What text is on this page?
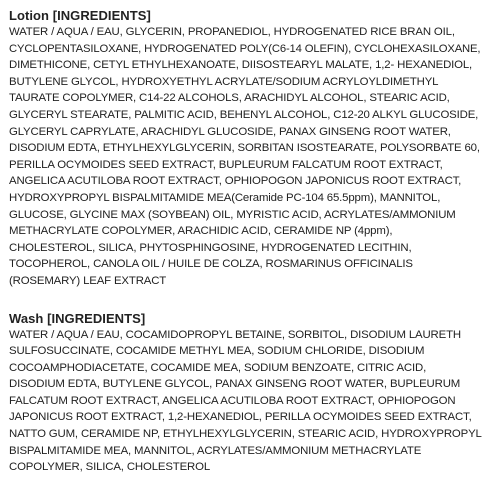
Lotion [INGREDIENTS]

WATER / AQUA / EAU, GLYCERIN, PROPANEDIOL, HYDROGENATED RICE BRAN OIL,

CYCLOPENTASILOXANE, HYDROGENATED POLY(C6-14 OLEFIN), CYCLOHEXASILOXANE,

DIMETHICONE, CETYL ETHYLHEXANOATE, DIISOSTEARYL MALATE, 1,2- HEXANEDIOL,

BUTYLENE GLYCOL, HYDROXYETHYL ACRYLATE/SODIUM ACRYLOYLDIMETHYL

TAURATE COPOLYMER, C14-22 ALCOHOLS, ARACHIDYL ALCOHOL, STEARIC ACID,

GLYCERYL STEARATE, PALMITIC ACID, BEHENYL ALCOHOL, C12-20 ALKYL GLUCOSIDE,

GLYCERYL CAPRYLATE, ARACHIDYL GLUCOSIDE, PANAX GINSENG ROOT WATER,

DISODIUM EDTA, ETHYLHEXYLGLYCERIN, SORBITAN ISOSTEARATE, POLYSORBATE 60,

PERILLA OCYMOIDES SEED EXTRACT, BUPLEURUM FALCATUM ROOT EXTRACT,

ANGELICA ACUTILOBA ROOT EXTRACT, OPHIOPOGON JAPONICUS ROOT EXTRACT,

HYDROXYPROPYL BISPALMITAMIDE MEA(Ceramide PC-104 65.5ppm), MANNITOL,

GLUCOSE, GLYCINE MAX (SOYBEAN) OIL, MYRISTIC ACID, ACRYLATES/AMMONIUM

METHACRYLATE COPOLYMER, ARACHIDIC ACID, CERAMIDE NP (4ppm),

CHOLESTEROL, SILICA, PHYTOSPHINGOSINE, HYDROGENATED LECITHIN,

TOCOPHEROL, CANOLA OIL / HUILE DE COLZA, ROSMARINUS OFFICINALIS

(ROSEMARY) LEAF EXTRACT

Wash [INGREDIENTS]

WATER / AQUA / EAU, COCAMIDOPROPYL BETAINE, SORBITOL, DISODIUM LAURETH

SULFOSUCCINATE, COCAMIDE METHYL MEA, SODIUM CHLORIDE, DISODIUM

COCOAMPHODIACETATE, COCAMIDE MEA, SODIUM BENZOATE, CITRIC ACID,

DISODIUM EDTA, BUTYLENE GLYCOL, PANAX GINSENG ROOT WATER, BUPLEURUM

FALCATUM ROOT EXTRACT, ANGELICA ACUTILOBA ROOT EXTRACT, OPHIOPOGON

JAPONICUS ROOT EXTRACT, 1,2-HEXANEDIOL, PERILLA OCYMOIDES SEED EXTRACT,

NATTO GUM, CERAMIDE NP, ETHYLHEXYLGLYCERIN, STEARIC ACID, HYDROXYPROPYL

BISPALMITAMIDE MEA, MANNITOL, ACRYLATES/AMMONIUM METHACRYLATE

COPOLYMER, SILICA, CHOLESTEROL
